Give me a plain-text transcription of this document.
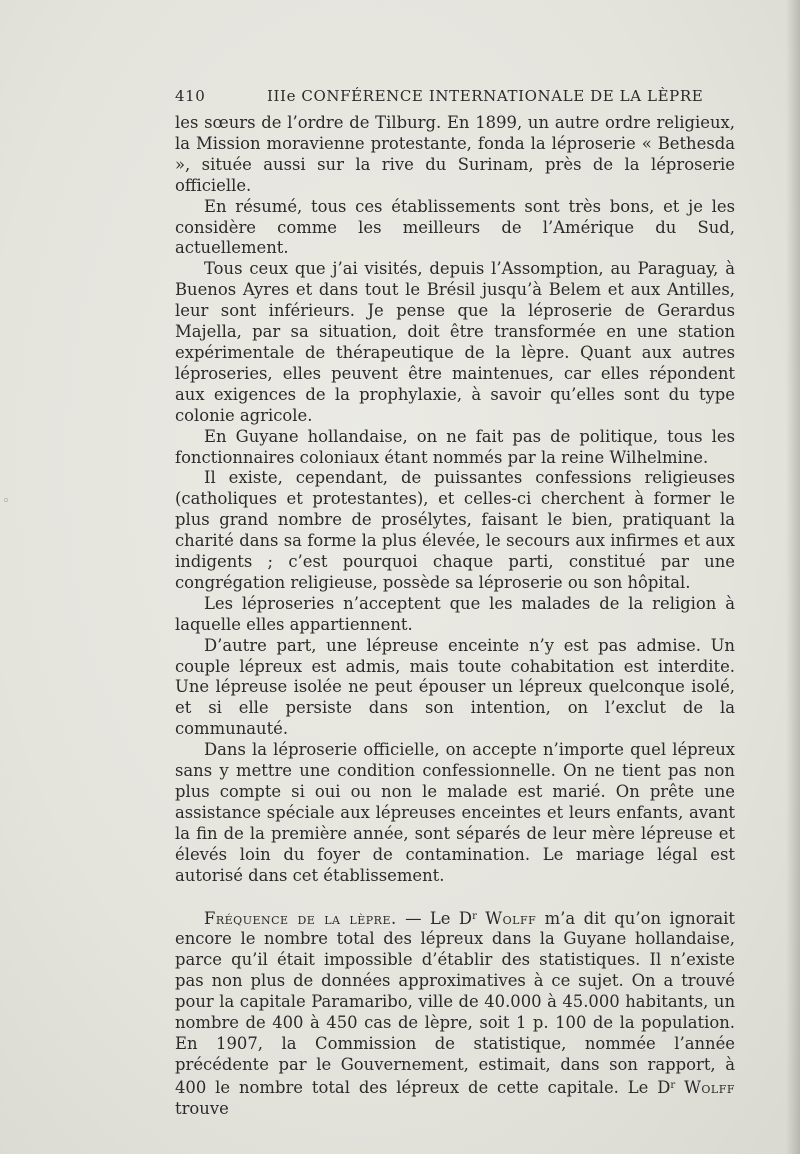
410	IIIe CONFÉRENCE INTERNATIONALE DE LA LÈPRE

les sœurs de l’ordre de Tilburg. En 1899, un autre ordre religieux, la Mission moravienne protestante, fonda la léproserie « Bethesda », située aussi sur la rive du Surinam, près de la léproserie officielle.

En résumé, tous ces établissements sont très bons, et je les considère comme les meilleurs de l’Amérique du Sud, actuellement.

Tous ceux que j’ai visités, depuis l’Assomption, au Paraguay, à Buenos Ayres et dans tout le Brésil jusqu’à Belem et aux Antilles, leur sont inférieurs. Je pense que la léproserie de Gerardus Majella, par sa situation, doit être transformée en une station expérimentale de thérapeutique de la lèpre. Quant aux autres léproseries, elles peuvent être maintenues, car elles répondent aux exigences de la prophylaxie, à savoir qu’elles sont du type colonie agricole.

En Guyane hollandaise, on ne fait pas de politique, tous les fonctionnaires coloniaux étant nommés par la reine Wilhelmine.

Il existe, cependant, de puissantes confessions religieuses (catholiques et protestantes), et celles-ci cherchent à former le plus grand nombre de prosélytes, faisant le bien, pratiquant la charité dans sa forme la plus élevée, le secours aux infirmes et aux indigents ; c’est pourquoi chaque parti, constitué par une congrégation religieuse, possède sa léproserie ou son hôpital.

Les léproseries n’acceptent que les malades de la religion à laquelle elles appartiennent.

D’autre part, une lépreuse enceinte n’y est pas admise. Un couple lépreux est admis, mais toute cohabitation est interdite. Une lépreuse isolée ne peut épouser un lépreux quelconque isolé, et si elle persiste dans son intention, on l’exclut de la communauté.

Dans la léproserie officielle, on accepte n’importe quel lépreux sans y mettre une condition confessionnelle. On ne tient pas non plus compte si oui ou non le malade est marié. On prête une assistance spéciale aux lépreuses enceintes et leurs enfants, avant la fin de la première année, sont séparés de leur mère lépreuse et élevés loin du foyer de contamination. Le mariage légal est autorisé dans cet établissement.

Fréquence de la lèpre. — Le $D^r$ Wolff m’a dit qu’on ignorait encore le nombre total des lépreux dans la Guyane hollandaise, parce qu’il était impossible d’établir des statistiques. Il n’existe pas non plus de données approximatives à ce sujet. On a trouvé pour la capitale Paramaribo, ville de 40.000 à 45.000 habitants, un nombre de 400 à 450 cas de lèpre, soit 1 p. 100 de la population. En 1907, la Commission de statistique, nommée l’année précédente par le Gouvernement, estimait, dans son rapport, à 400 le nombre total des lépreux de cette capitale. Le $D^r$ Wolff trouve

◦
